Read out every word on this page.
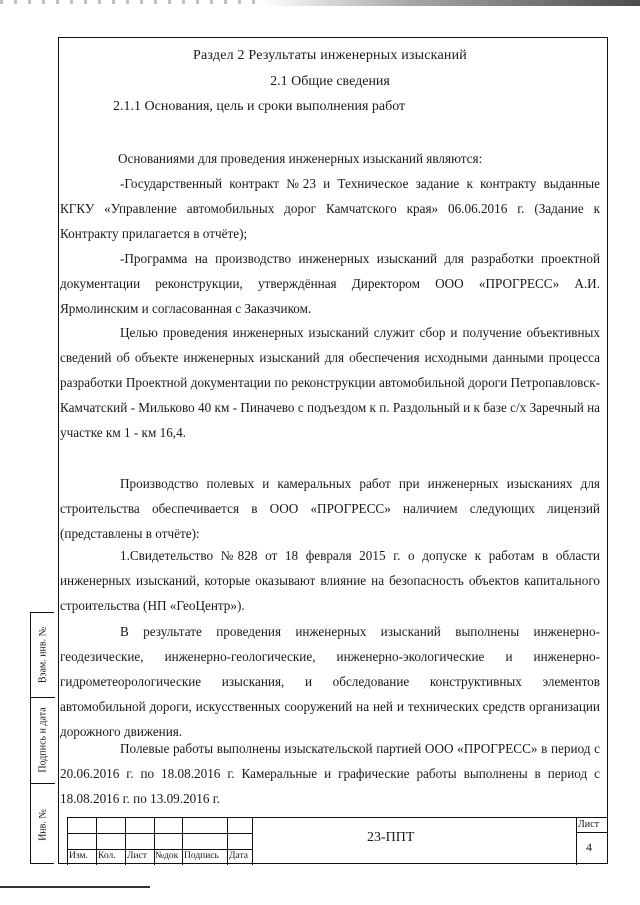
Раздел 2 Результаты инженерных изысканий
2.1 Общие сведения
2.1.1 Основания, цель и сроки выполнения работ
Основаниями для проведения инженерных изысканий являются:
-Государственный контракт №23 и Техническое задание к контракту выданные КГКУ «Управление автомобильных дорог Камчатского края» 06.06.2016 г. (Задание к Контракту прилагается в отчёте);
-Программа на производство инженерных изысканий для разработки проектной документации реконструкции, утверждённая Директором ООО «ПРОГРЕСС» А.И. Ярмолинским и согласованная с Заказчиком.
Целью проведения инженерных изысканий служит сбор и получение объективных сведений об объекте инженерных изысканий для обеспечения исходными данными процесса разработки Проектной документации по реконструкции автомобильной дороги Петропавловск-Камчатский - Мильково 40 км - Пиначево с подъездом к п. Раздольный и к базе с/х Заречный на участке км 1 - км 16,4.
Производство полевых и камеральных работ при инженерных изысканиях для строительства обеспечивается в ООО «ПРОГРЕСС» наличием следующих лицензий (представлены в отчёте):
1.Свидетельство №828 от 18 февраля 2015 г. о допуске к работам в области инженерных изысканий, которые оказывают влияние на безопасность объектов капитального строительства (НП «ГеоЦентр»).
В результате проведения инженерных изысканий выполнены инженерно-геодезические, инженерно-геологические, инженерно-экологические и инженерно-гидрометеорологические изыскания, и обследование конструктивных элементов автомобильной дороги, искусственных сооружений на ней и технических средств организации дорожного движения.
Полевые работы выполнены изыскательской партией ООО «ПРОГРЕСС» в период с 20.06.2016 г. по 18.08.2016 г. Камеральные и графические работы выполнены в период с 18.08.2016 г. по 13.09.2016 г.
Взам. инв. №
Подпись и дата
Инв. №
Изм. Кол. Лист №док Подпись Дата
23-ППТ
Лист
4
